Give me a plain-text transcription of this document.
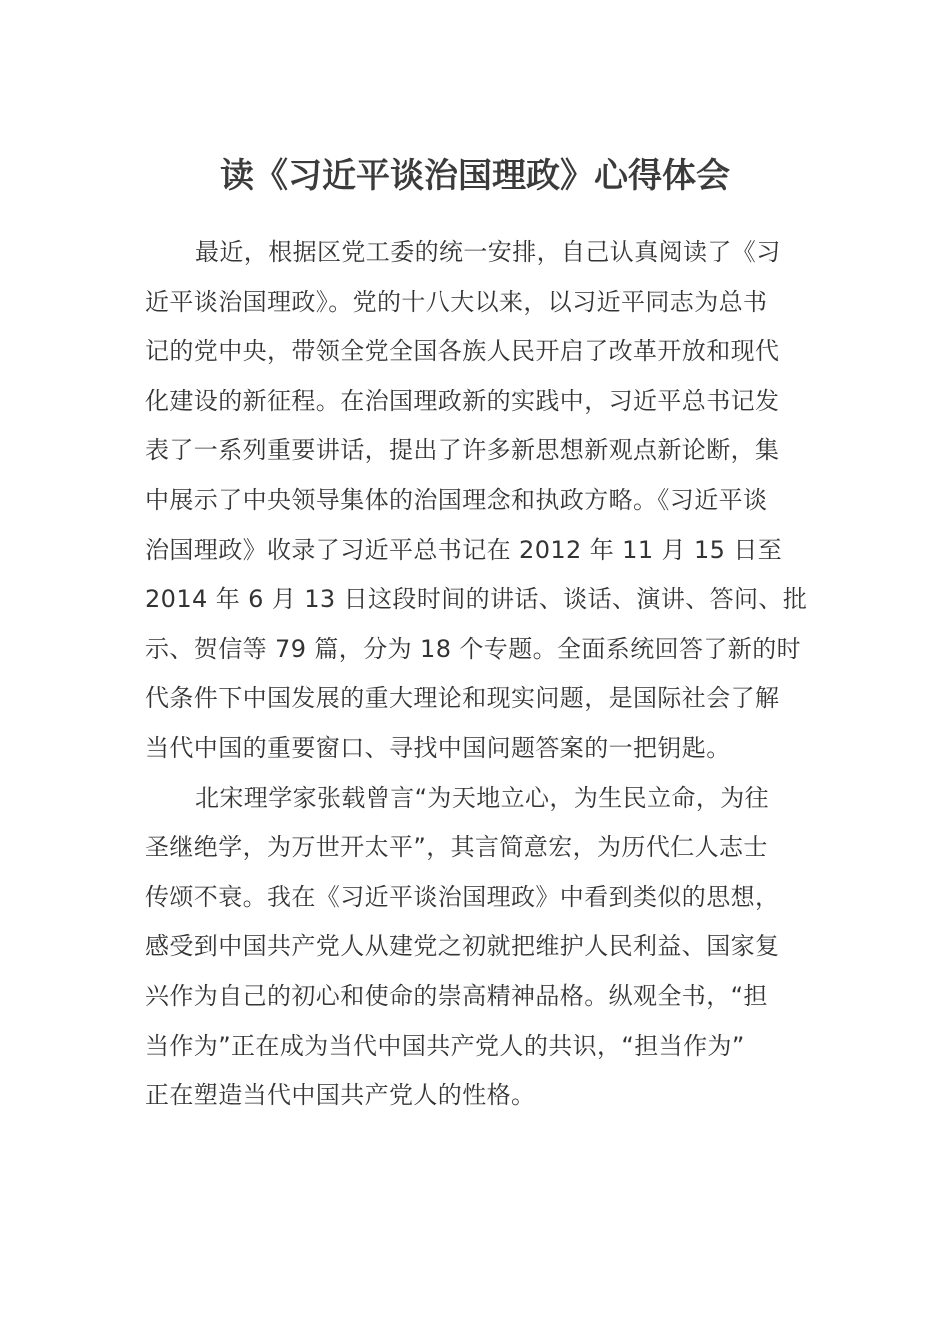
读《习近平谈治国理政》心得体会

最近，根据区党工委的统一安排，自己认真阅读了《习
近平谈治国理政》。党的十八大以来，以习近平同志为总书
记的党中央，带领全党全国各族人民开启了改革开放和现代
化建设的新征程。在治国理政新的实践中，习近平总书记发
表了一系列重要讲话，提出了许多新思想新观点新论断，集
中展示了中央领导集体的治国理念和执政方略。《习近平谈
治国理政》收录了习近平总书记在 2012 年 11 月 15 日至
2014 年 6 月 13 日这段时间的讲话、谈话、演讲、答问、批
示、贺信等 79 篇，分为 18 个专题。全面系统回答了新的时
代条件下中国发展的重大理论和现实问题，是国际社会了解
当代中国的重要窗口、寻找中国问题答案的一把钥匙。

北宋理学家张载曾言“为天地立心，为生民立命，为往
圣继绝学，为万世开太平”，其言简意宏，为历代仁人志士
传颂不衰。我在《习近平谈治国理政》中看到类似的思想，
感受到中国共产党人从建党之初就把维护人民利益、国家复
兴作为自己的初心和使命的崇高精神品格。纵观全书，“担
当作为”正在成为当代中国共产党人的共识，“担当作为”
正在塑造当代中国共产党人的性格。
